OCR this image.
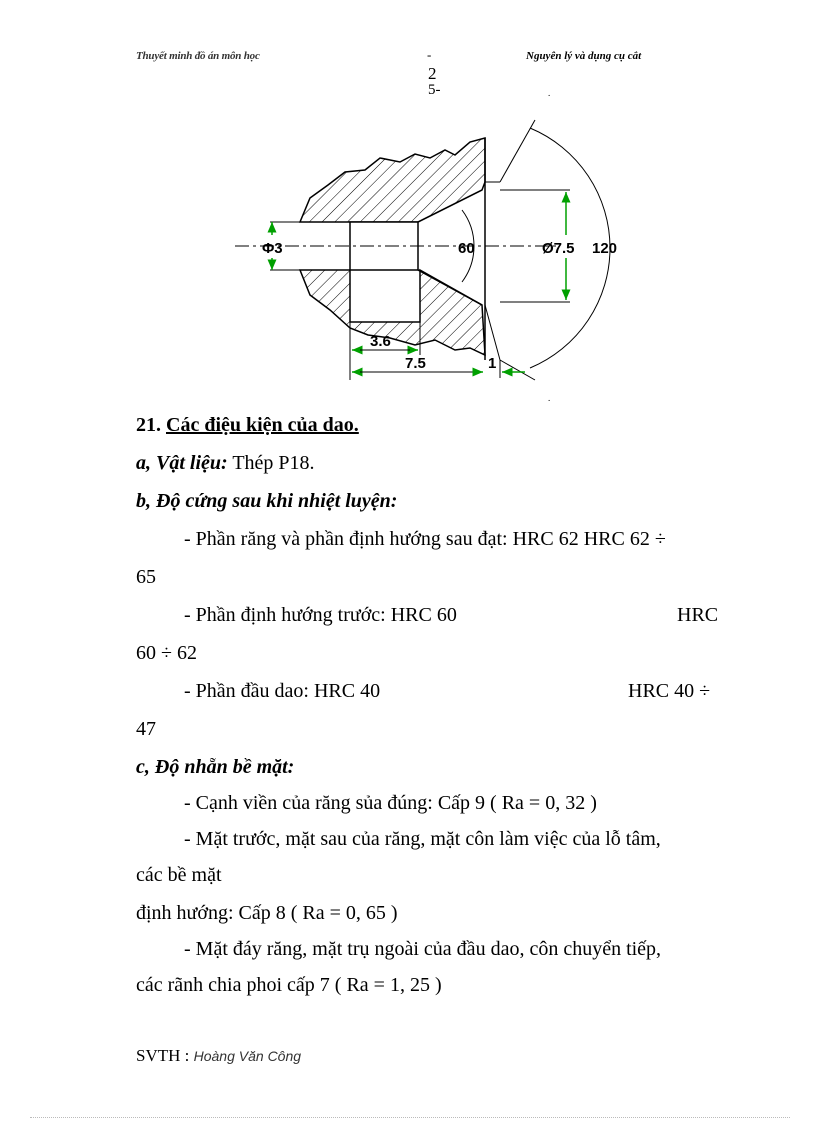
Thuyết minh đồ án môn học	-	Nguyên lý và dụng cụ cắt
2
5-	.
.
Φ3	60	Ø7.5 120
3.6
7.5	1
21. Các điệu kiện của dao.
a, Vật liệu: Thép P18.
b, Độ cứng sau khi nhiệt luyện:
- Phần răng và phần định hướng sau đạt: HRC 62 HRC 62 ÷
65
- Phần định hướng trước: HRC 60	HRC
60 ÷ 62
- Phần đầu dao: HRC 40	HRC 40 ÷
47
c, Độ nhẵn bề mặt:
- Cạnh viền của răng sủa đúng: Cấp 9 ( Ra = 0, 32 )
- Mặt trước, mặt sau của răng, mặt côn làm việc của lỗ tâm,
các bề mặt
định hướng: Cấp 8 ( Ra = 0, 65 )
- Mặt đáy răng, mặt trụ ngoài của đầu dao, côn chuyển tiếp,
các rãnh chia phoi cấp 7 ( Ra = 1, 25 )
SVTH : Hoàng Văn Công
